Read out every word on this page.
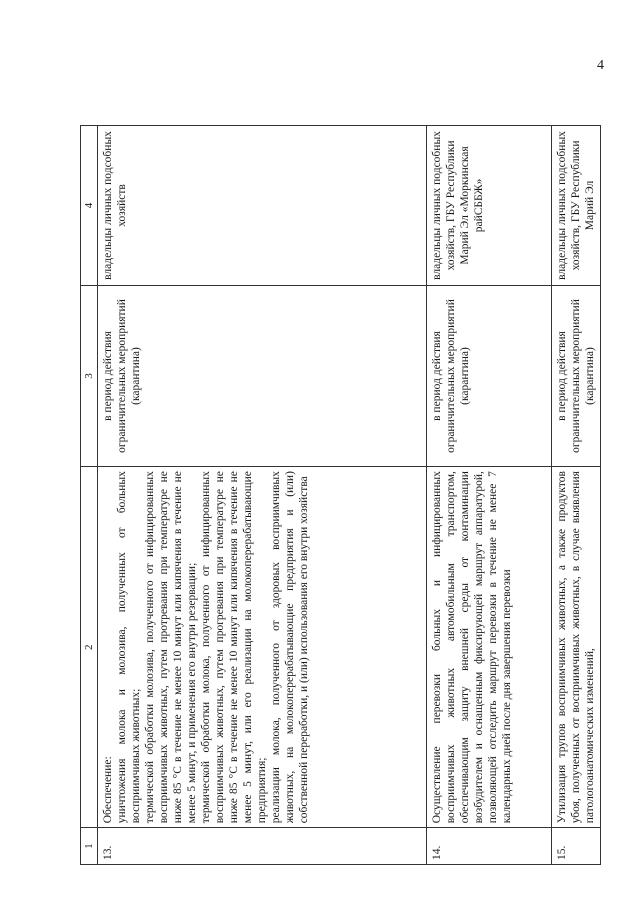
4
1	2	3	4
13.	Обеспечение: уничтожения молока и молозива, полученных от больных восприимчивых животных; термической обработки молозива, полученного от инфицированных восприимчивых животных, путем протревания при температуре не ниже 85 °С в течение не менее 10 минут или кипячения в течение не менее 5 минут, и применения его внутри резервации; термической обработки молока, полученного от инфицированных восприимчивых животных, путем прогревания при температуре не ниже 85 °С в течение не менее 10 минут или кипячения в течение не менее 5 минут, или его реализации на молокоперерабатывающие предприятия; реализации молока, полученного от здоровых восприимчивых животных, на молокоперерабатывающие предприятия и (или) собственной переработки, и (или) использования его внутри хозяйства	в период действия ограничительных мероприятий (карантина)	владельцы личных подсобных хозяйств
14.	Осуществление перевозки больных и инфицированных восприимчивых животных автомобильным транспортом, обеспечивающим защиту внешней среды от контаминации возбудителем и оснащенным фиксирующей маршрут аппаратурой, позволяющей отследить маршрут перевозки в течение не менее 7 календарных дней после дня завершения перевозки	в период действия ограничительных мероприятий (карантина)	владельцы личных подсобных хозяйств, ГБУ Республики Марий Эл «Моркинская райСББЖ»
15.	Утилизация трупов восприимчивых животных, а также продуктов убоя, полученных от восприимчивых животных, в случае выявления патологоанатомических изменений,	в период действия ограничительных мероприятий (карантина)	владельцы личных подсобных хозяйств, ГБУ Республики Марий Эл
